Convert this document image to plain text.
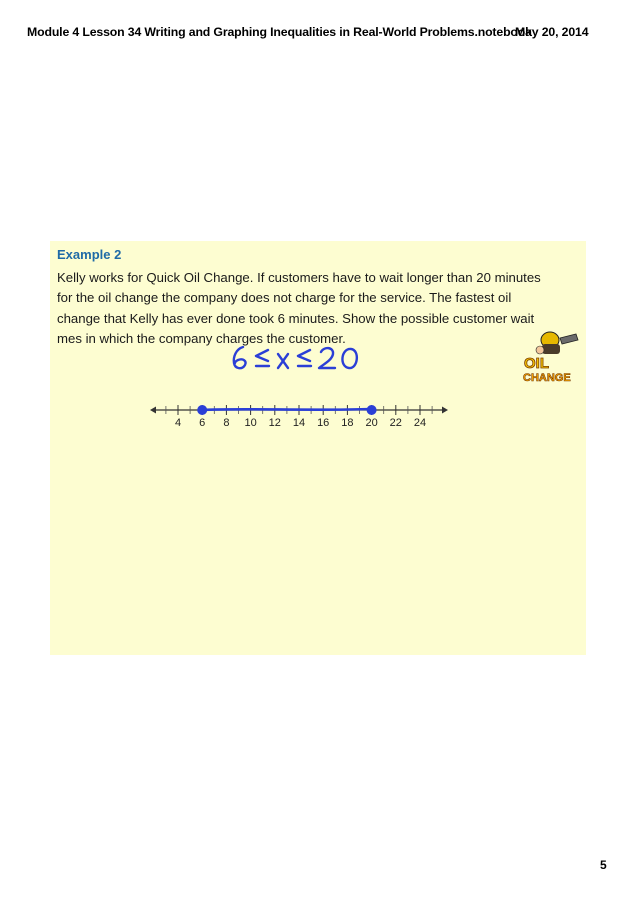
Module 4 Lesson 34 Writing and Graphing Inequalities in Real-World Problems.notebook
May 20, 2014
Example 2
Kelly works for Quick Oil Change. If customers have to wait longer than 20 minutes
for the oil change the company does not charge for the service. The fastest oil
change that Kelly has ever done took 6 minutes. Show the possible customer wait
mes in which the company charges the customer.
OIL
CHANGE
4 6 8 10 12 14 16 18 20 22 24
5
